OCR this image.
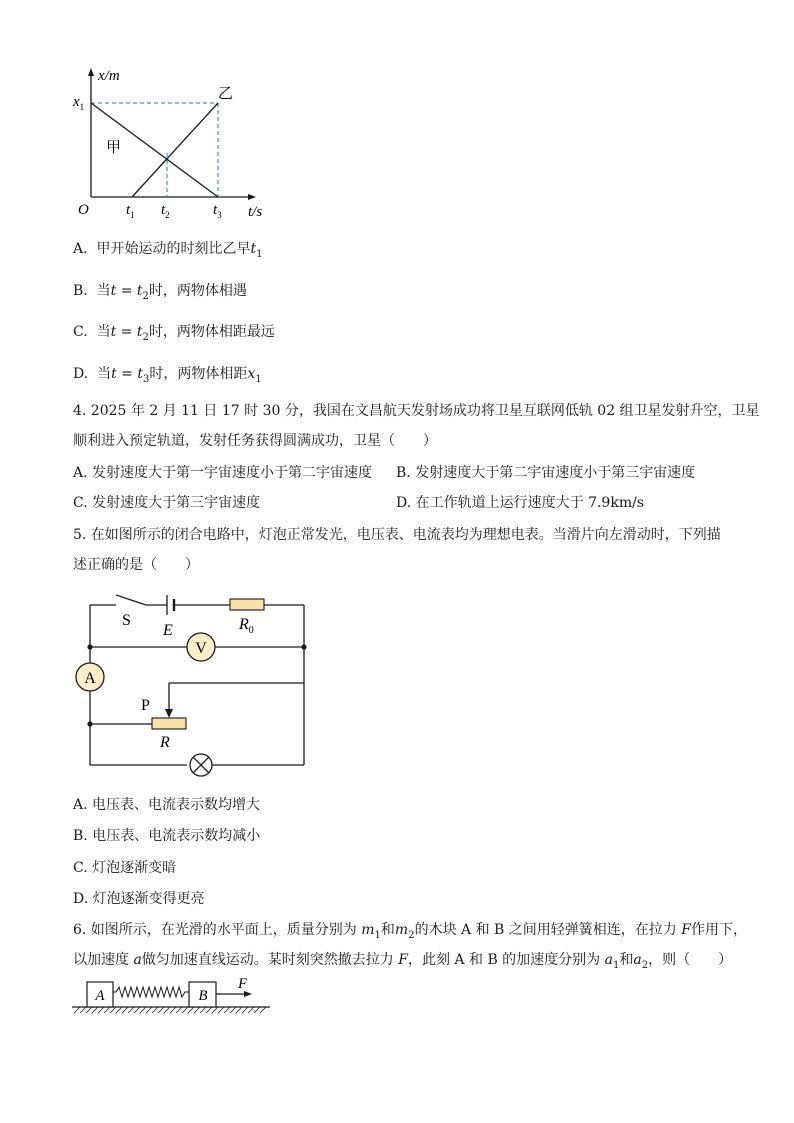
x/m
t/s
O
$x_1$
$t_1$ $t_2$	$t_3$
甲
乙
A. 甲开始运动的时刻比乙早$t_1$
B. 当$t = t_2$时，两物体相遇
C. 当$t = t_2$时，两物体相距最远
D. 当$t = t_3$时，两物体相距$x_1$
4. 2025 年 2 月 11 日 17 时 30 分，我国在文昌航天发射场成功将卫星互联网低轨 02 组卫星发射升空，卫星
顺利进入预定轨道，发射任务获得圆满成功，卫星（　　）
A. 发射速度大于第一宇宙速度小于第二宇宙速度 B. 发射速度大于第二宇宙速度小于第三宇宙速度
C. 发射速度大于第三宇宙速度	D. 在工作轨道上运行速度大于 7.9km/s
5. 在如图所示的闭合电路中，灯泡正常发光，电压表、电流表均为理想电表。当滑片向左滑动时，下列描
述正确的是（　　）
S
E	$R_0$
V
A
P
R
A. 电压表、电流表示数均增大
B. 电压表、电流表示数均减小
C. 灯泡逐渐变暗
D. 灯泡逐渐变得更亮
6. 如图所示，在光滑的水平面上，质量分别为 $m_1$和$m_2$的木块 A 和 B 之间用轻弹簧相连，在拉力 F作用下，
以加速度 a做匀加速直线运动。某时刻突然撤去拉力 F，此刻 A 和 B 的加速度分别为 $a_1$和$a_2$，则（　　）
A	B
F
